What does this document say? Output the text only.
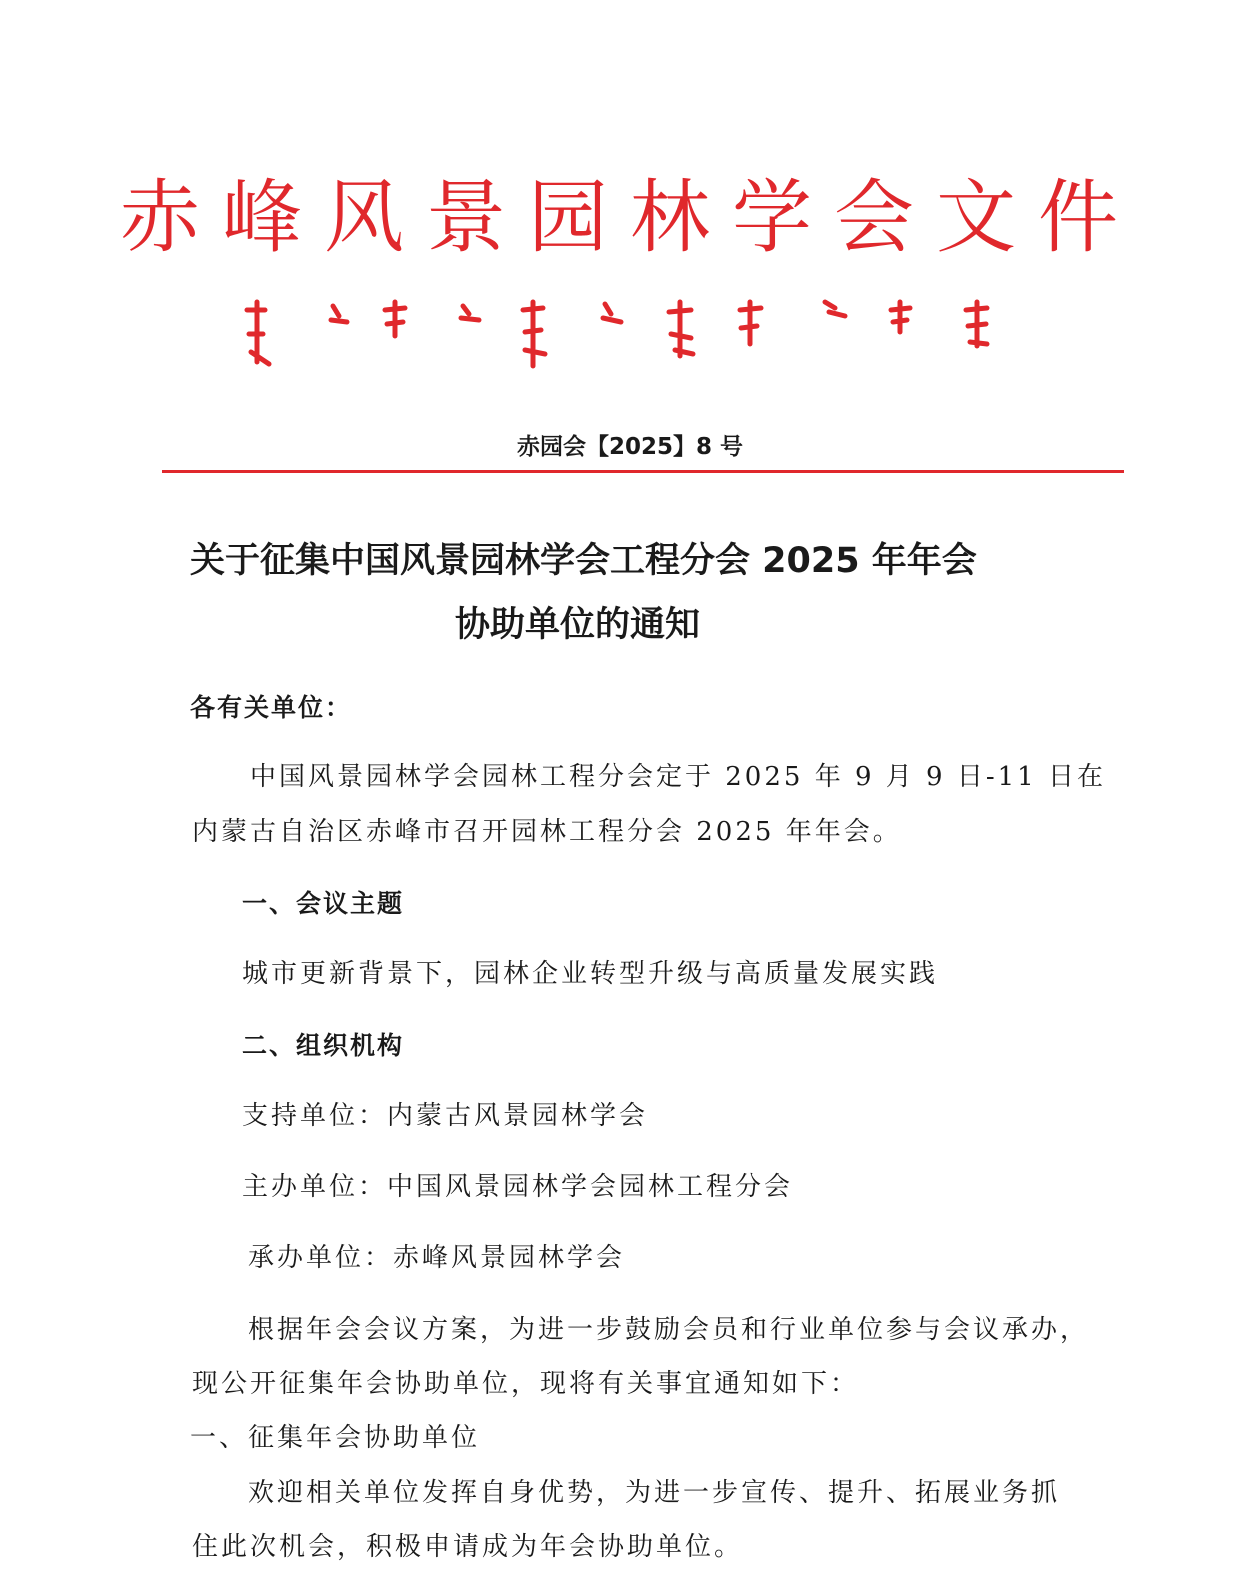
赤峰风景园林学会文件
赤园会【2025】8 号
关于征集中国风景园林学会工程分会 2025 年年会
协助单位的通知
各有关单位：
中国风景园林学会园林工程分会定于 2025 年 9 月 9 日-11 日在
内蒙古自治区赤峰市召开园林工程分会 2025 年年会。
一、会议主题
城市更新背景下，园林企业转型升级与高质量发展实践
二、组织机构
支持单位：内蒙古风景园林学会
主办单位：中国风景园林学会园林工程分会
承办单位：赤峰风景园林学会
根据年会会议方案，为进一步鼓励会员和行业单位参与会议承办，
现公开征集年会协助单位，现将有关事宜通知如下：
一、征集年会协助单位
欢迎相关单位发挥自身优势，为进一步宣传、提升、拓展业务抓
住此次机会，积极申请成为年会协助单位。
